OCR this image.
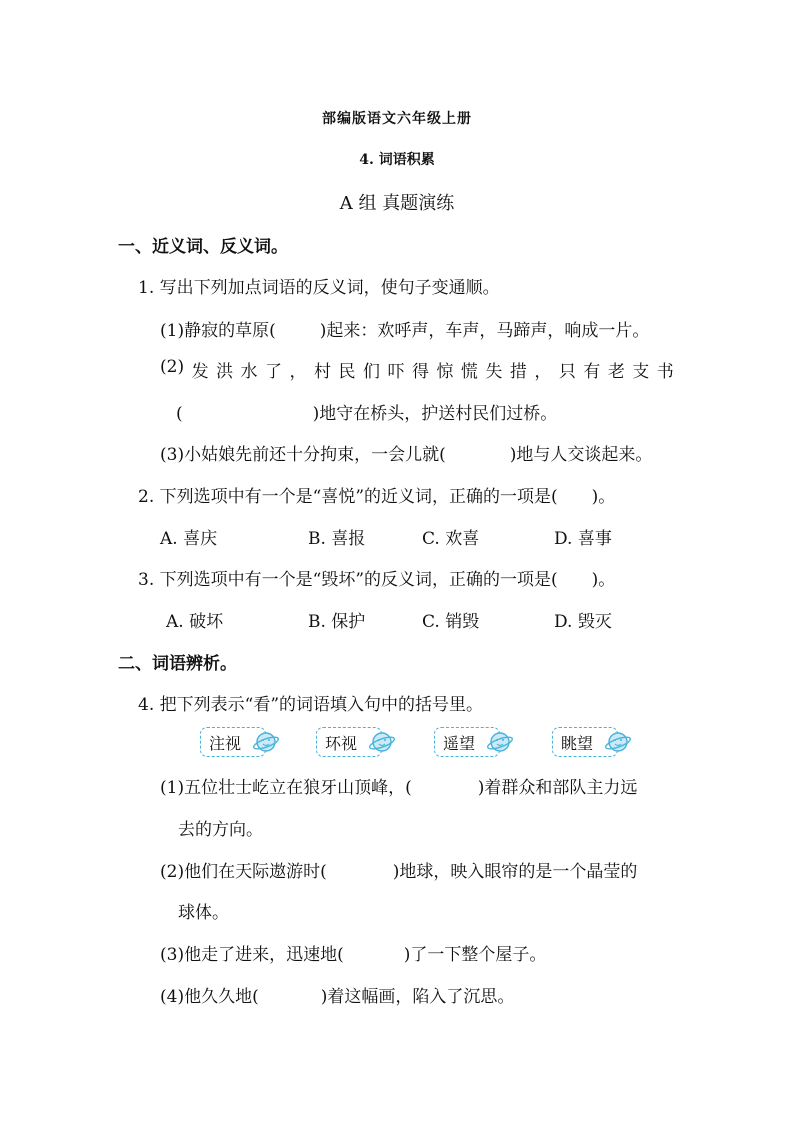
部编版语文六年级上册
4. 词语积累
A 组 真题演练
一、近义词、反义词。
1. 写出下列加点词语的反义词，使句子变通顺。
(1)静寂的草原(	)起来：欢呼声，车声，马蹄声，响成一片。
(2) 发 洪 水 了 ， 村 民 们 吓 得 惊 慌 失 措 ， 只 有 老 支 书
(	)地守在桥头，护送村民们过桥。
(3)小姑娘先前还十分拘束，一会儿就(	)地与人交谈起来。
2. 下列选项中有一个是“喜悦”的近义词，正确的一项是(　　)。
A. 喜庆	B. 喜报	C. 欢喜	D. 喜事
3. 下列选项中有一个是“毁坏”的反义词，正确的一项是(　　)。
A. 破坏	B. 保护	C. 销毁	D. 毁灭
二、词语辨析。
4. 把下列表示“看”的词语填入句中的括号里。
注视	环视	遥望	眺望
(1)五位壮士屹立在狼牙山顶峰，(	)着群众和部队主力远
去的方向。
(2)他们在天际遨游时(	)地球，映入眼帘的是一个晶莹的
球体。
(3)他走了进来，迅速地(	)了一下整个屋子。
(4)他久久地(	)着这幅画，陷入了沉思。
